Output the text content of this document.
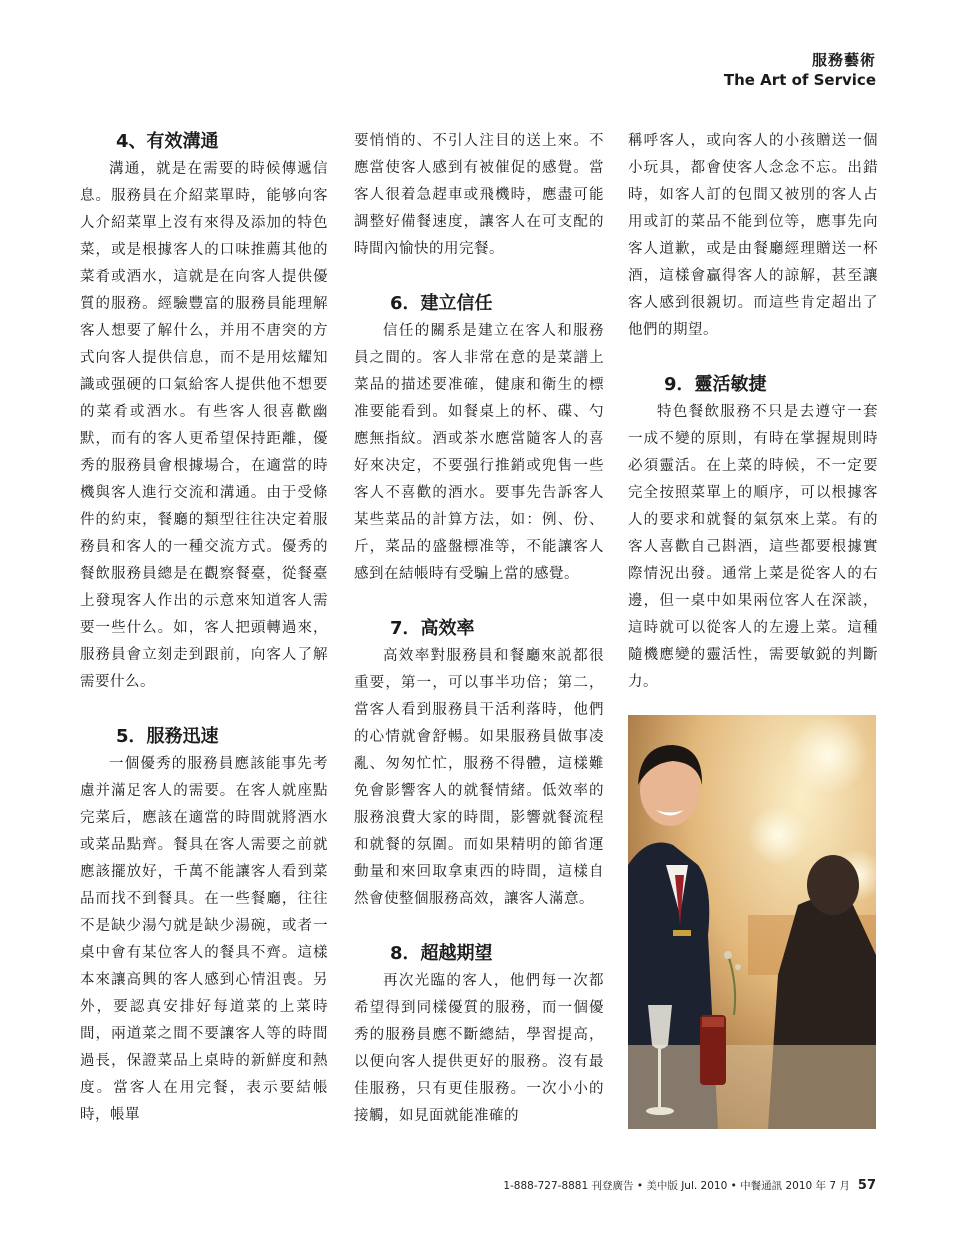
服務藝術
The Art of Service
4、有效溝通

溝通，就是在需要的時候傳遞信息。服務員在介紹菜單時，能够向客人介紹菜單上沒有來得及添加的特色菜，或是根據客人的口味推薦其他的菜肴或酒水，這就是在向客人提供優質的服務。經驗豐富的服務員能理解客人想要了解什么，并用不唐突的方式向客人提供信息，而不是用炫耀知識或强硬的口氣給客人提供他不想要的菜肴或酒水。有些客人很喜歡幽默，而有的客人更希望保持距離，優秀的服務員會根據場合，在適當的時機與客人進行交流和溝通。由于受條件的約束，餐廳的類型往往决定着服務員和客人的一種交流方式。優秀的餐飲服務員總是在觀察餐臺，從餐臺上發現客人作出的示意來知道客人需要一些什么。如，客人把頭轉過來，服務員會立刻走到跟前，向客人了解需要什么。

5．服務迅速

一個優秀的服務員應該能事先考慮并滿足客人的需要。在客人就座點完菜后，應該在適當的時間就將酒水或菜品點齊。餐具在客人需要之前就應該擺放好，千萬不能讓客人看到菜品而找不到餐具。在一些餐廳，往往不是缺少湯勺就是缺少湯碗，或者一桌中會有某位客人的餐具不齊。這樣本來讓高興的客人感到心情沮喪。另外，要認真安排好每道菜的上菜時間，兩道菜之間不要讓客人等的時間過長，保證菜品上桌時的新鮮度和熱度。當客人在用完餐，表示要結帳時，帳單

要悄悄的、不引人注目的送上來。不應當使客人感到有被催促的感覺。當客人很着急趕車或飛機時，應盡可能調整好備餐速度，讓客人在可支配的時間內愉快的用完餐。

6．建立信任

信任的關系是建立在客人和服務員之間的。客人非常在意的是菜譜上菜品的描述要准確，健康和衛生的標准要能看到。如餐桌上的杯、碟、勺應無指紋。酒或茶水應當隨客人的喜好來决定，不要强行推銷或兜售一些客人不喜歡的酒水。要事先告訴客人某些菜品的計算方法，如：例、份、斤，菜品的盛盤標准等，不能讓客人感到在結帳時有受騙上當的感覺。

7．高效率

高效率對服務員和餐廳來説都很重要，第一，可以事半功倍；第二，當客人看到服務員干活利落時，他們的心情就會舒暢。如果服務員做事凌亂、匆匆忙忙，服務不得體，這樣難免會影響客人的就餐情緒。低效率的服務浪費大家的時間，影響就餐流程和就餐的氛圍。而如果精明的節省運動量和來回取拿東西的時間，這樣自然會使整個服務高效，讓客人滿意。

8．超越期望

再次光臨的客人，他們每一次都希望得到同樣優質的服務，而一個優秀的服務員應不斷總結，學習提高，以便向客人提供更好的服務。沒有最佳服務，只有更佳服務。一次小小的接觸，如見面就能准確的

稱呼客人，或向客人的小孩贈送一個小玩具，都會使客人念念不忘。出錯時，如客人訂的包間又被別的客人占用或訂的菜品不能到位等，應事先向客人道歉，或是由餐廳經理贈送一杯酒，這樣會贏得客人的諒解，甚至讓客人感到很親切。而這些肯定超出了他們的期望。

9．靈活敏捷

特色餐飲服務不只是去遵守一套一成不變的原則，有時在掌握規則時必須靈活。在上菜的時候，不一定要完全按照菜單上的順序，可以根據客人的要求和就餐的氣氛來上菜。有的客人喜歡自己斟酒，這些都要根據實際情況出發。通常上菜是從客人的右邊，但一桌中如果兩位客人在深談，這時就可以從客人的左邊上菜。這種隨機應變的靈活性，需要敏鋭的判斷力。

1-888-727-8881 刊登廣告 • 美中版 Jul. 2010 • 中餐通訊 2010 年 7 月 57
